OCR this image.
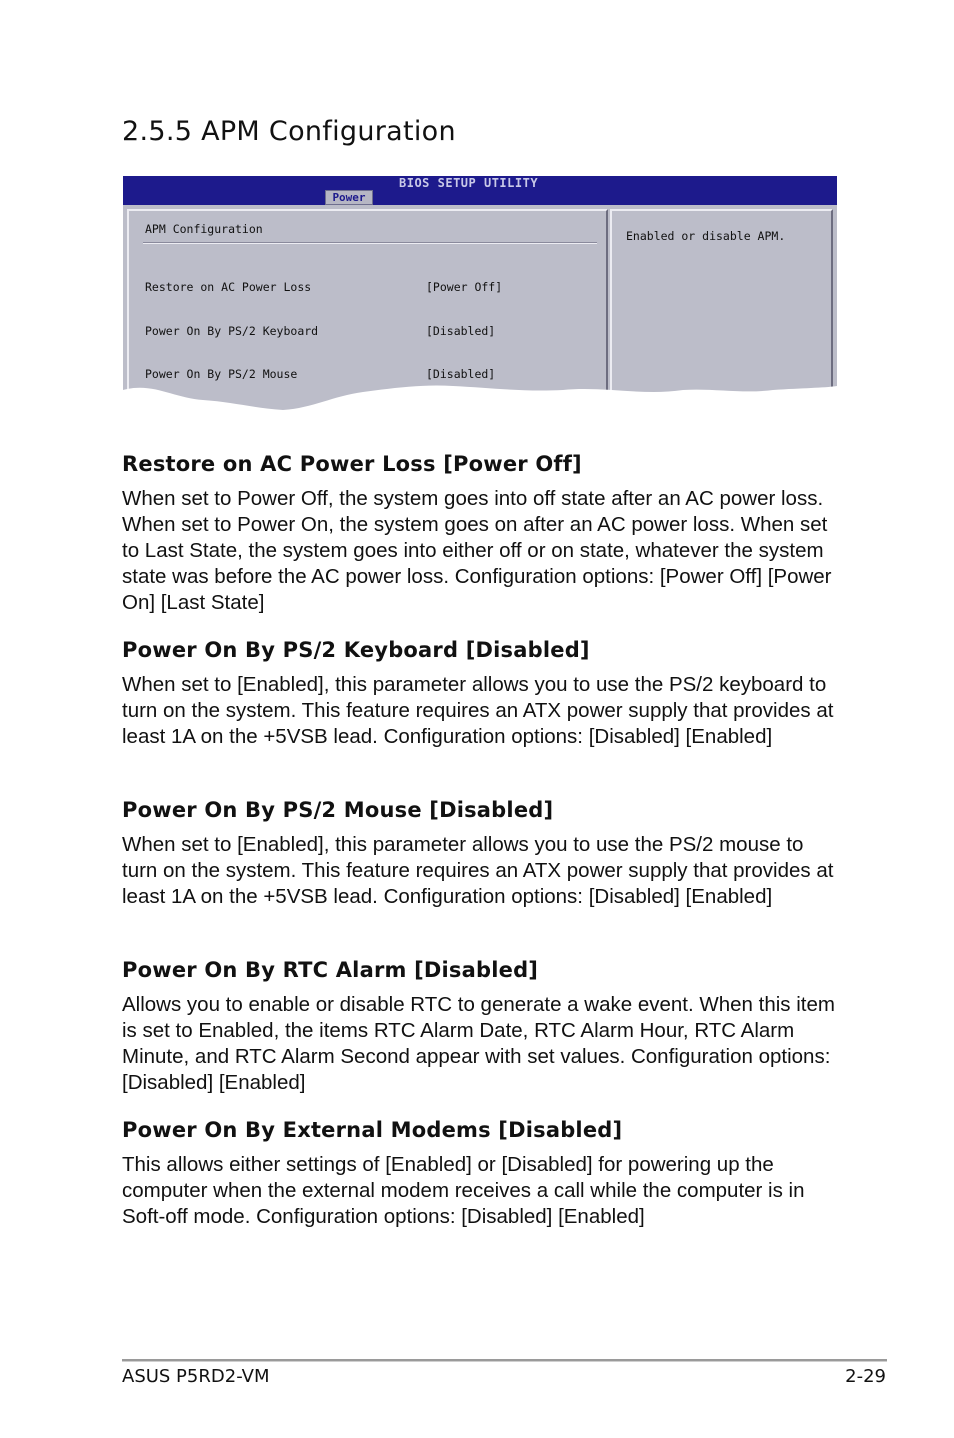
2.5.5 APM Configuration
BIOS SETUP UTILITY
Power
APM Configuration

Restore on AC Power Loss

	[Power Off]

Power On By PS/2 Keyboard

	[Disabled]

Power On By PS/2 Mouse

	[Disabled]

Enabled or disable APM.
Restore on AC Power Loss [Power Off]

When set to Power Off, the system goes into off state after an AC power loss. When set to Power On, the system goes on after an AC power loss. When set to Last State, the system goes into either off or on state, whatever the system state was before the AC power loss. Configuration options: [Power Off] [Power On] [Last State]

Power On By PS/2 Keyboard [Disabled]

When set to [Enabled], this parameter allows you to use the PS/2 keyboard to turn on the system. This feature requires an ATX power supply that provides at least 1A on the +5VSB lead. Configuration options: [Disabled] [Enabled]

Power On By PS/2 Mouse [Disabled]

When set to [Enabled], this parameter allows you to use the PS/2 mouse to turn on the system. This feature requires an ATX power supply that provides at least 1A on the +5VSB lead. Configuration options: [Disabled] [Enabled]

Power On By RTC Alarm [Disabled]

Allows you to enable or disable RTC to generate a wake event. When this item is set to Enabled, the items RTC Alarm Date, RTC Alarm Hour, RTC Alarm Minute, and RTC Alarm Second appear with set values. Configuration options: [Disabled] [Enabled]

Power On By External Modems [Disabled]

This allows either settings of [Enabled] or [Disabled] for powering up the computer when the external modem receives a call while the computer is in Soft-off mode. Configuration options: [Disabled] [Enabled]

ASUS P5RD2-VM	2-29
